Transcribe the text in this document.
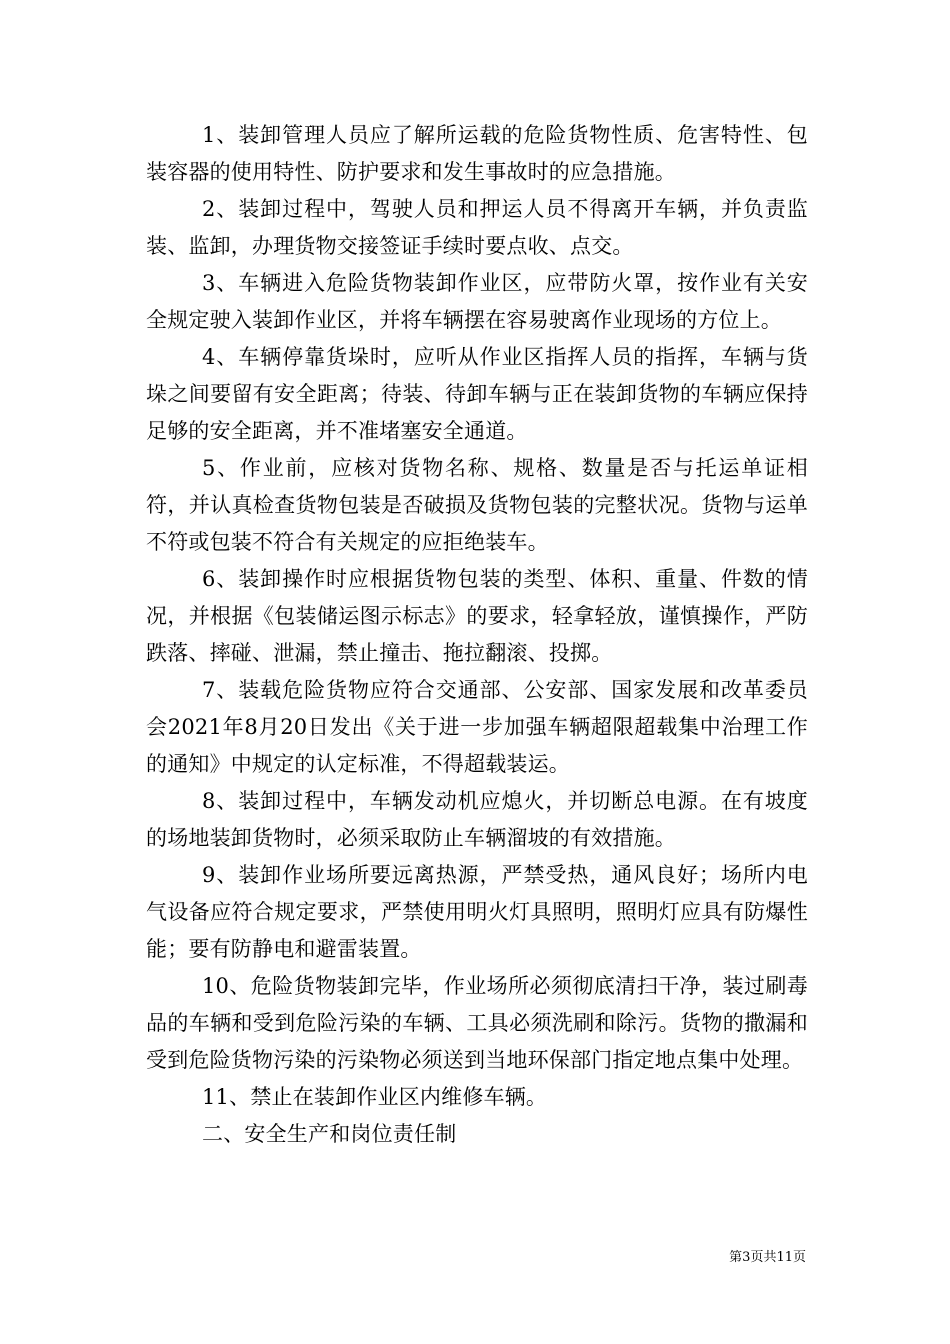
1、装卸管理人员应了解所运载的危险货物性质、危害特性、包装容器的使用特性、防护要求和发生事故时的应急措施。

2、装卸过程中，驾驶人员和押运人员不得离开车辆，并负责监装、监卸，办理货物交接签证手续时要点收、点交。

3、车辆进入危险货物装卸作业区，应带防火罩，按作业有关安全规定驶入装卸作业区，并将车辆摆在容易驶离作业现场的方位上。

4、车辆停靠货垛时，应听从作业区指挥人员的指挥，车辆与货垛之间要留有安全距离；待装、待卸车辆与正在装卸货物的车辆应保持足够的安全距离，并不准堵塞安全通道。

5、作业前，应核对货物名称、规格、数量是否与托运单证相符，并认真检查货物包装是否破损及货物包装的完整状况。货物与运单不符或包装不符合有关规定的应拒绝装车。

6、装卸操作时应根据货物包装的类型、体积、重量、件数的情况，并根据《包装储运图示标志》的要求，轻拿轻放，谨慎操作，严防跌落、摔碰、泄漏，禁止撞击、拖拉翻滚、投掷。

7、装载危险货物应符合交通部、公安部、国家发展和改革委员会2021年8月20日发出《关于进一步加强车辆超限超载集中治理工作的通知》中规定的认定标准，不得超载装运。

8、装卸过程中，车辆发动机应熄火，并切断总电源。在有坡度的场地装卸货物时，必须采取防止车辆溜坡的有效措施。

9、装卸作业场所要远离热源，严禁受热，通风良好；场所内电气设备应符合规定要求，严禁使用明火灯具照明，照明灯应具有防爆性能；要有防静电和避雷装置。

10、危险货物装卸完毕，作业场所必须彻底清扫干净，装过刷毒品的车辆和受到危险污染的车辆、工具必须洗刷和除污。货物的撒漏和受到危险货物污染的污染物必须送到当地环保部门指定地点集中处理。

11、禁止在装卸作业区内维修车辆。

二、安全生产和岗位责任制

第3页共11页
